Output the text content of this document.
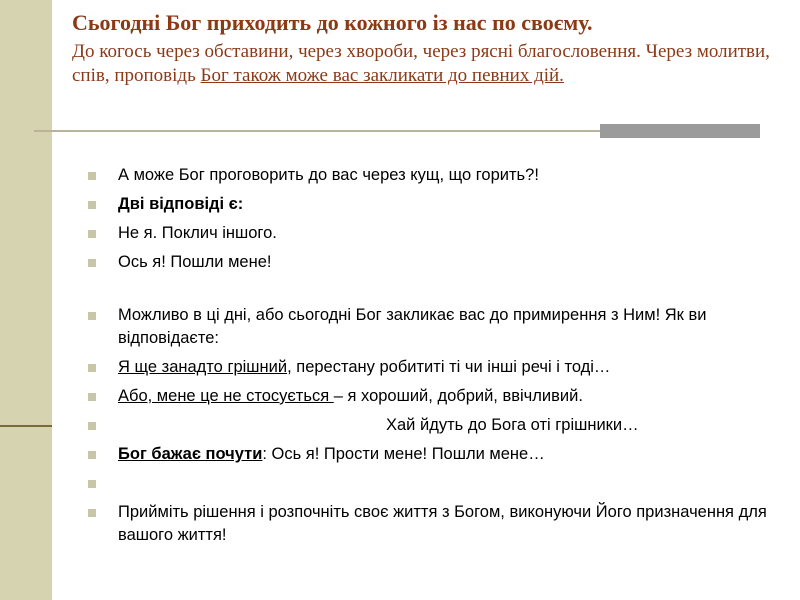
Сьогодні Бог приходить до кожного із нас по своєму.
До когось через обставини, через хвороби, через рясні благословення. Через молитви, спів, проповідь Бог також може вас закликати до певних дій.
А може Бог проговорить до вас через кущ, що горить?!
Дві відповіді є:
Не я. Поклич іншого.
Ось я! Пошли мене!
Можливо в ці дні, або сьогодні Бог закликає вас до примирення з Ним! Як ви відповідаєте:
Я ще занадто грішний, перестану робититі ті чи інші речі і тоді…
Або, мене це не стосується – я хороший, добрий, ввічливий.
Хай йдуть до Бога оті грішники…
Бог бажає почути: Ось я! Прости мене! Пошли мене…

Прийміть рішення і розпочніть своє життя з Богом, виконуючи Його призначення для вашого життя!
